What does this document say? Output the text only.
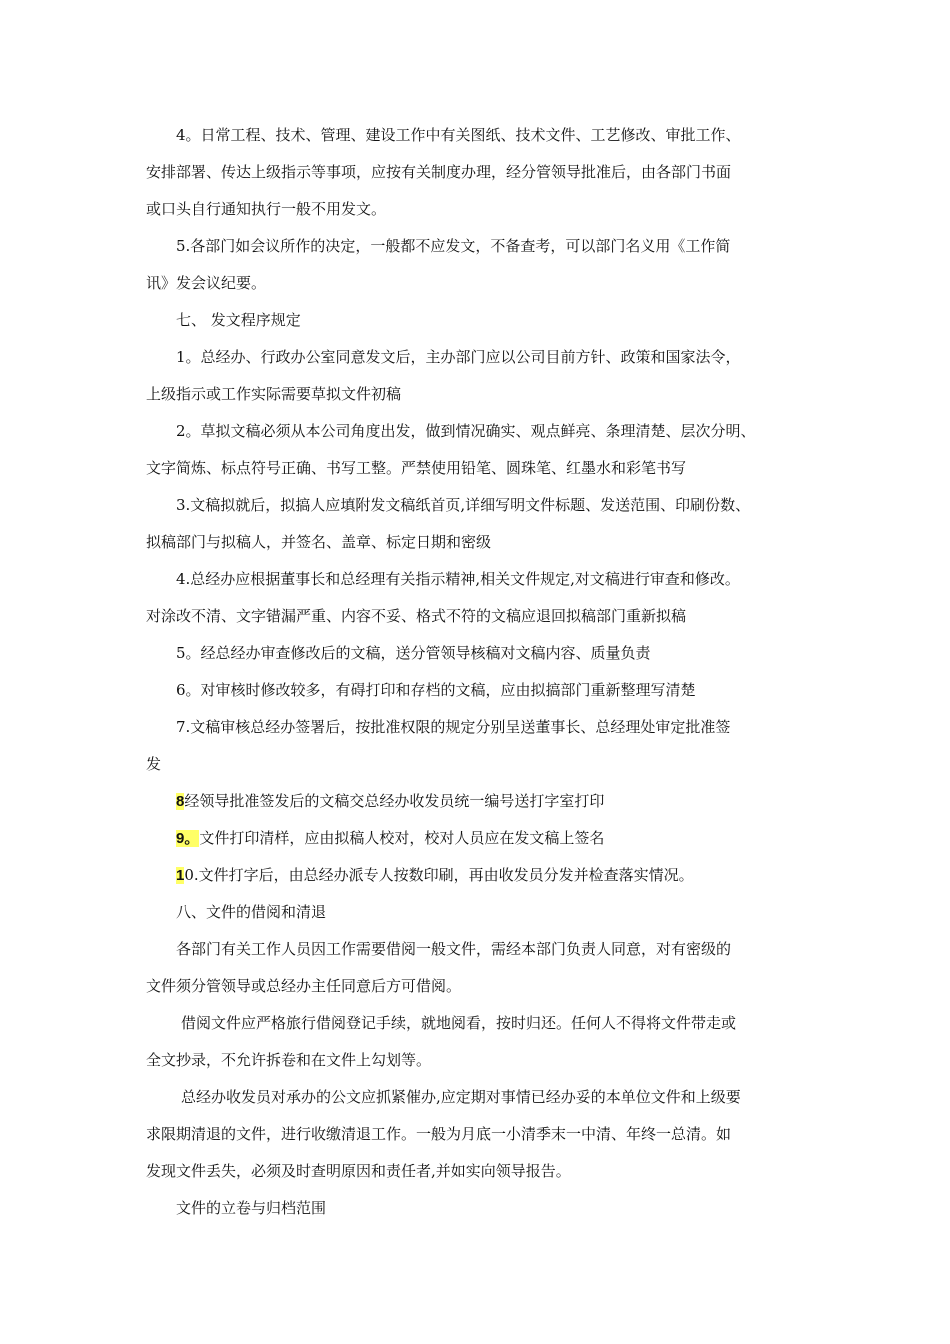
4。日常工程、技术、管理、建设工作中有关图纸、技术文件、工艺修改、审批工作、
安排部署、传达上级指示等事项，应按有关制度办理，经分管领导批准后，由各部门书面
或口头自行通知执行一般不用发文。
5.各部门如会议所作的决定，一般都不应发文，不备查考，可以部门名义用《工作简
讯》发会议纪要。
七、 发文程序规定
1。总经办、行政办公室同意发文后，主办部门应以公司目前方针、政策和国家法令，
上级指示或工作实际需要草拟文件初稿
2。草拟文稿必须从本公司角度出发，做到情况确实、观点鲜亮、条理清楚、层次分明、
文字简炼、标点符号正确、书写工整。严禁使用铅笔、圆珠笔、红墨水和彩笔书写
3.文稿拟就后，拟搞人应填附发文稿纸首页,详细写明文件标题、发送范围、印刷份数、
拟稿部门与拟稿人，并签名、盖章、标定日期和密级
4.总经办应根据董事长和总经理有关指示精神,相关文件规定,对文稿进行审查和修改。
对涂改不清、文字错漏严重、内容不妥、格式不符的文稿应退回拟稿部门重新拟稿
5。经总经办审查修改后的文稿，送分管领导核稿对文稿内容、质量负责
6。对审核时修改较多，有碍打印和存档的文稿，应由拟搞部门重新整理写清楚
7.文稿审核总经办签署后，按批准权限的规定分别呈送董事长、总经理处审定批准签
发
8经领导批准签发后的文稿交总经办收发员统一编号送打字室打印
9。文件打印清样，应由拟稿人校对，校对人员应在发文稿上签名
10.文件打字后，由总经办派专人按数印刷，再由收发员分发并检查落实情况。
八、文件的借阅和清退
各部门有关工作人员因工作需要借阅一般文件，需经本部门负责人同意，对有密级的
文件须分管领导或总经办主任同意后方可借阅。
借阅文件应严格旅行借阅登记手续，就地阅看，按时归还。任何人不得将文件带走或
全文抄录，不允许拆卷和在文件上勾划等。
总经办收发员对承办的公文应抓紧催办,应定期对事情已经办妥的本单位文件和上级要
求限期清退的文件，进行收缴清退工作。一般为月底一小清季末一中清、年终一总清。如
发现文件丢失，必须及时查明原因和责任者,并如实向领导报告。
文件的立卷与归档范围
